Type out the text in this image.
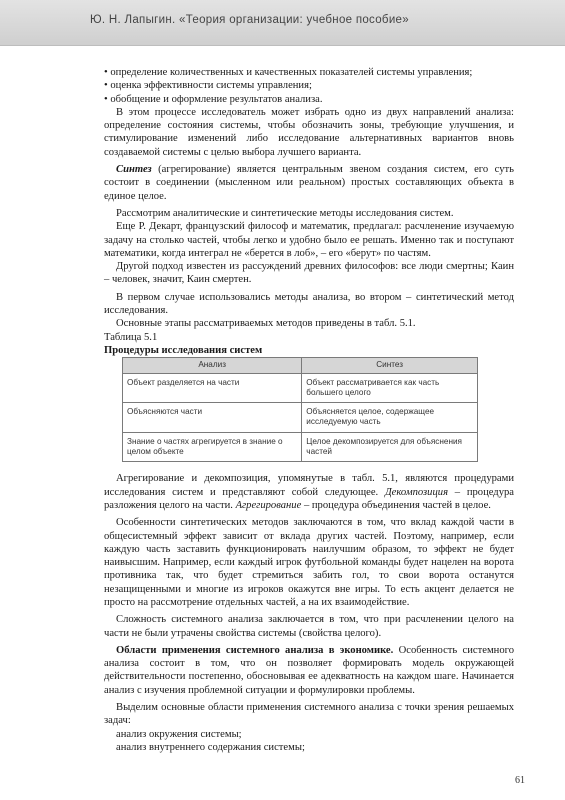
Ю. Н. Лапыгин. «Теория организации: учебное пособие»

• определение количественных и качественных показателей системы управления;

• оценка эффективности системы управления;

• обобщение и оформление результатов анализа.

В этом процессе исследователь может избрать одно из двух направлений анализа: определение состояния системы, чтобы обозначить зоны, требующие улучшения, и стимулирование изменений либо исследование альтернативных вариантов вновь создаваемой системы с целью выбора лучшего варианта.

Синтез (агрегирование) является центральным звеном создания систем, его суть состоит в соединении (мысленном или реальном) простых составляющих объекта в единое целое.

Рассмотрим аналитические и синтетические методы исследования систем.

Еще Р. Декарт, французский философ и математик, предлагал: расчленение изучаемую задачу на столько частей, чтобы легко и удобно было ее решать. Именно так и поступают математики, когда интеграл не «берется в лоб», – его «берут» по частям.

Другой подход известен из рассуждений древних философов: все люди смертны; Каин – человек, значит, Каин смертен.

В первом случае использовались методы анализа, во втором – синтетический метод исследования.

Основные этапы рассматриваемых методов приведены в табл. 5.1.

Таблица 5.1

Процедуры исследования систем

Анализ	Синтез
Объект разделяется на части	Объект рассматривается как часть большего целого
Объясняются части	Объясняется целое, содержащее исследуемую часть
Знание о частях агрегируется в знание о целом объекте	Целое декомпозируется для объяснения частей

Агрегирование и декомпозиция, упомянутые в табл. 5.1, являются процедурами исследования систем и представляют собой следующее. Декомпозиция – процедура разложения целого на части. Агрегирование – процедура объединения частей в целое.

Особенности синтетических методов заключаются в том, что вклад каждой части в общесистемный эффект зависит от вклада других частей. Поэтому, например, если каждую часть заставить функционировать наилучшим образом, то эффект не будет наивысшим. Например, если каждый игрок футбольной команды будет нацелен на ворота противника так, что будет стремиться забить гол, то свои ворота останутся незащищенными и многие из игроков окажутся вне игры. То есть акцент делается не просто на рассмотрение отдельных частей, а на их взаимодействие.

Сложность системного анализа заключается в том, что при расчленении целого на части не были утрачены свойства системы (свойства целого).

Области применения системного анализа в экономике. Особенность системного анализа состоит в том, что он позволяет формировать модель окружающей действительности постепенно, обосновывая ее адекватность на каждом шаге. Начинается анализ с изучения проблемной ситуации и формулировки проблемы.

Выделим основные области применения системного анализа с точки зрения решаемых задач:

анализ окружения системы;

анализ внутреннего содержания системы;

61
